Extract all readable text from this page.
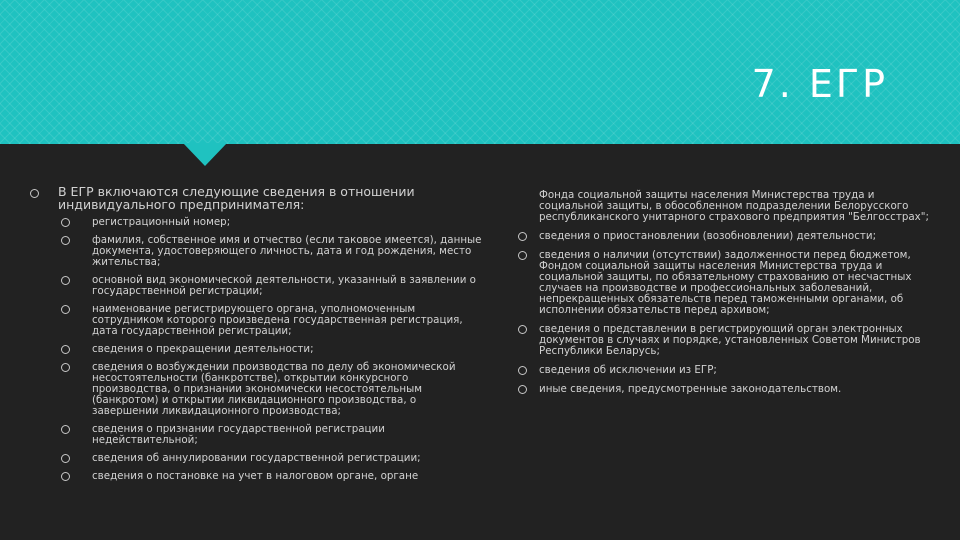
7. ЕГР
В ЕГР включаются следующие сведения в отношении индивидуального предпринимателя:
регистрационный номер;
фамилия, собственное имя и отчество (если таковое имеется), данные документа, удостоверяющего личность, дата и год рождения, место жительства;
основной вид экономической деятельности, указанный в заявлении о государственной регистрации;
наименование регистрирующего органа, уполномоченным сотрудником которого произведена государственная регистрация, дата государственной регистрации;
сведения о прекращении деятельности;
сведения о возбуждении производства по делу об экономической несостоятельности (банкротстве), открытии конкурсного производства, о признании экономически несостоятельным (банкротом) и открытии ликвидационного производства, о завершении ликвидационного производства;
сведения о признании государственной регистрации недействительной;
сведения об аннулировании государственной регистрации;
сведения о постановке на учет в налоговом органе, органе
Фонда социальной защиты населения Министерства труда и социальной защиты, в обособленном подразделении Белорусского республиканского унитарного страхового предприятия "Белгосстрах";
сведения о приостановлении (возобновлении) деятельности;
сведения о наличии (отсутствии) задолженности перед бюджетом, Фондом социальной защиты населения Министерства труда и социальной защиты, по обязательному страхованию от несчастных случаев на производстве и профессиональных заболеваний, непрекращенных обязательств перед таможенными органами, об исполнении обязательств перед архивом;
сведения о представлении в регистрирующий орган электронных документов в случаях и порядке, установленных Советом Министров Республики Беларусь;
сведения об исключении из ЕГР;
иные сведения, предусмотренные законодательством.
